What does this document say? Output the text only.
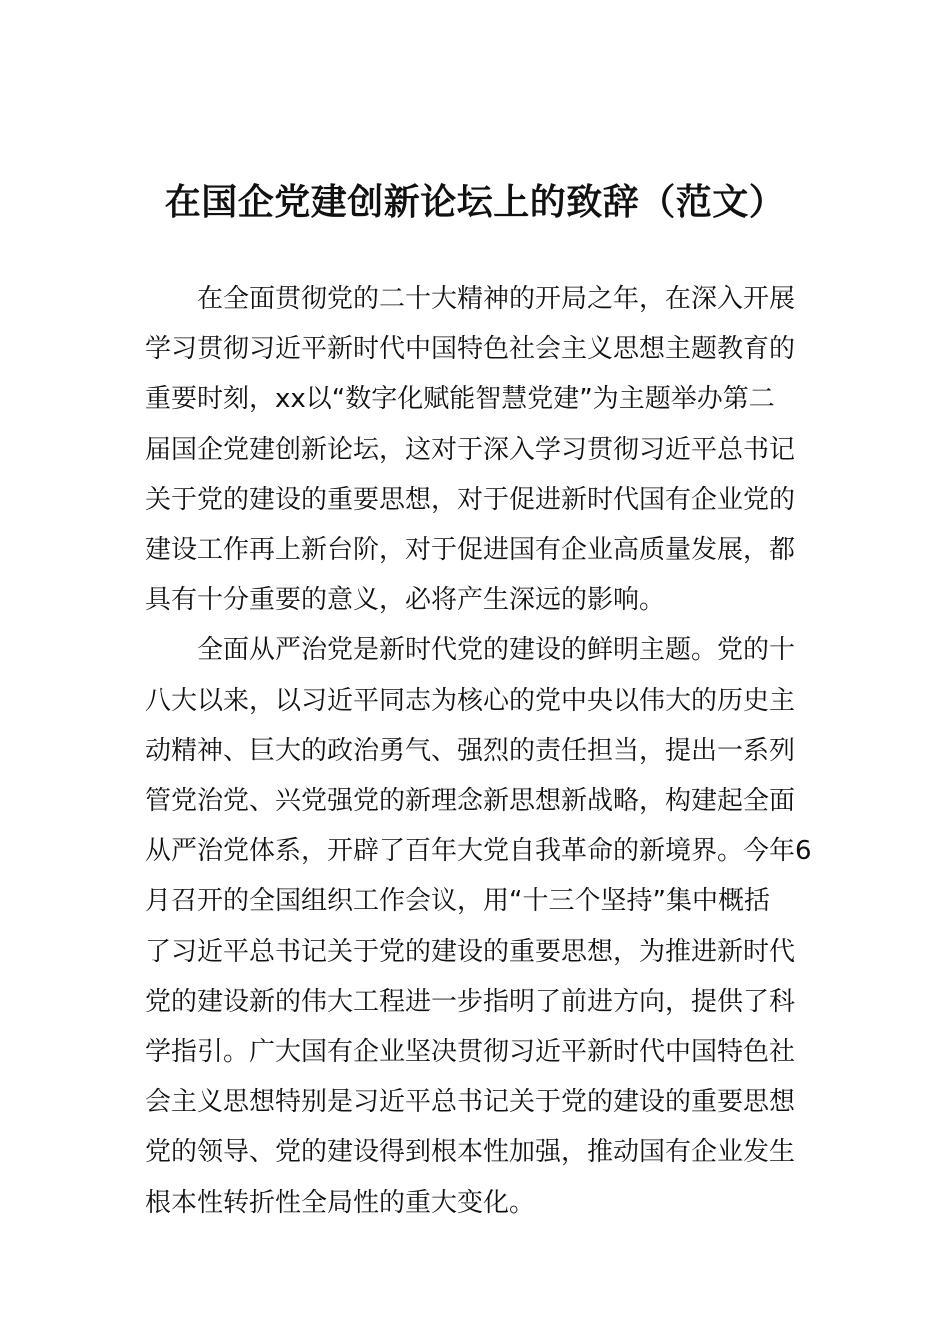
在国企党建创新论坛上的致辞（范文）

在全面贯彻党的二十大精神的开局之年，在深入开展
学习贯彻习近平新时代中国特色社会主义思想主题教育的
重要时刻，xx以“数字化赋能智慧党建”为主题举办第二
届国企党建创新论坛，这对于深入学习贯彻习近平总书记
关于党的建设的重要思想，对于促进新时代国有企业党的
建设工作再上新台阶，对于促进国有企业高质量发展，都
具有十分重要的意义，必将产生深远的影响。

全面从严治党是新时代党的建设的鲜明主题。党的十
八大以来，以习近平同志为核心的党中央以伟大的历史主
动精神、巨大的政治勇气、强烈的责任担当，提出一系列
管党治党、兴党强党的新理念新思想新战略，构建起全面
从严治党体系，开辟了百年大党自我革命的新境界。今年6
月召开的全国组织工作会议，用“十三个坚持”集中概括
了习近平总书记关于党的建设的重要思想，为推进新时代
党的建设新的伟大工程进一步指明了前进方向，提供了科
学指引。广大国有企业坚决贯彻习近平新时代中国特色社
会主义思想特别是习近平总书记关于党的建设的重要思想
党的领导、党的建设得到根本性加强，推动国有企业发生
根本性转折性全局性的重大变化。
